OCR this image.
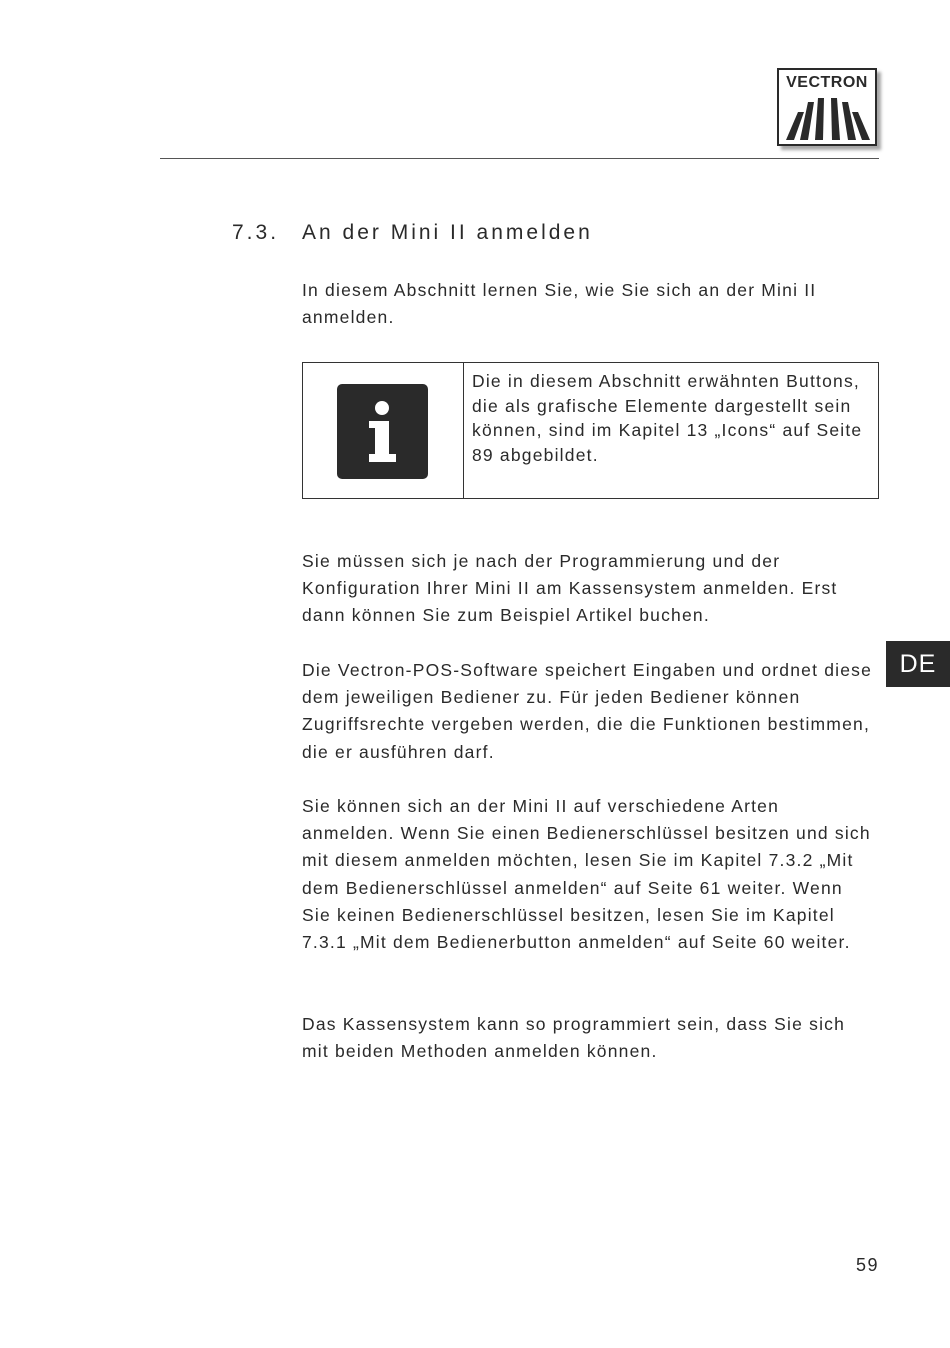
VECTRON
7.3. An der Mini II anmelden

In diesem Abschnitt lernen Sie, wie Sie sich an der Mini II anmelden.

Die in diesem Abschnitt erwähnten Buttons, die als grafische Elemente dargestellt sein können, sind im Kapitel 13 „Icons“ auf Seite 89 abgebildet.

Sie müssen sich je nach der Programmierung und der Konfiguration Ihrer Mini II am Kassensystem anmelden. Erst dann können Sie zum Beispiel Artikel buchen.

Die Vectron-POS-Software speichert Eingaben und ordnet diese dem jeweiligen Bediener zu. Für jeden Bediener können Zugriffsrechte vergeben werden, die die Funktionen bestimmen, die er ausführen darf.

Sie können sich an der Mini II auf verschiedene Arten anmelden. Wenn Sie einen Bedienerschlüssel besitzen und sich mit diesem anmelden möchten, lesen Sie im Kapitel 7.3.2 „Mit dem Bedienerschlüssel anmelden“ auf Seite 61 weiter. Wenn Sie keinen Bedienerschlüssel besitzen, lesen Sie im Kapitel 7.3.1 „Mit dem Bedienerbutton anmelden“ auf Seite 60 weiter.

Das Kassensystem kann so programmiert sein, dass Sie sich mit beiden Methoden anmelden können.

DE
59
